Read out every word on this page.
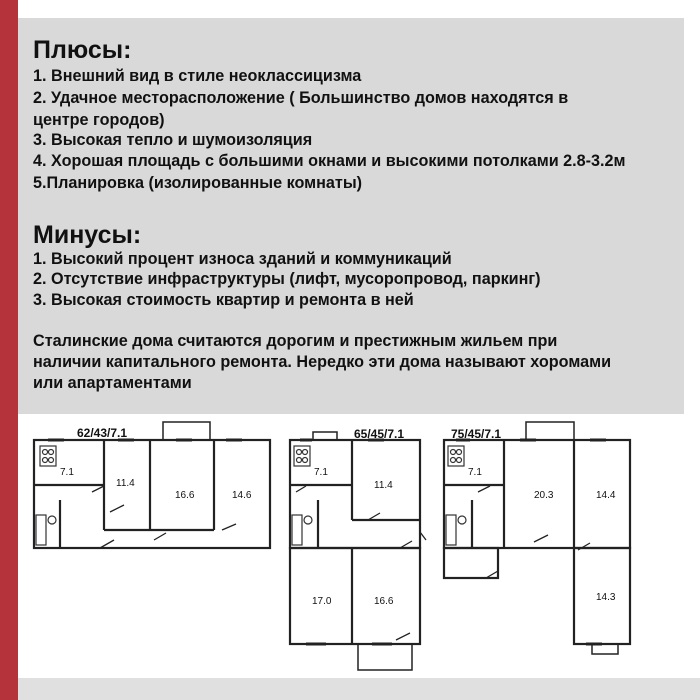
Плюсы:
1. Внешний вид в стиле неоклассицизма
2. Удачное месторасположение ( Большинство домов находятся в
центре городов)
3. Высокая тепло и шумоизоляция
4. Хорошая площадь с большими окнами и высокими потолками 2.8-3.2м
5.Планировка (изолированные комнаты)
Минусы:
1. Высокий процент износа зданий и коммуникаций
2. Отсутствие инфраструктуры (лифт, мусоропровод, паркинг)
3. Высокая стоимость квартир и ремонта в ней
Сталинские дома считаются дорогим и престижным жильем при
наличии капитального ремонта. Нередко эти дома называют хоромами
или апартаментами
62/43/7.1
7.1
11.4
16.6	14.6
65/45/7.1
7.1
11.4
17.0	16.6
75/45/7.1
7.1
20.3	14.4
14.3
